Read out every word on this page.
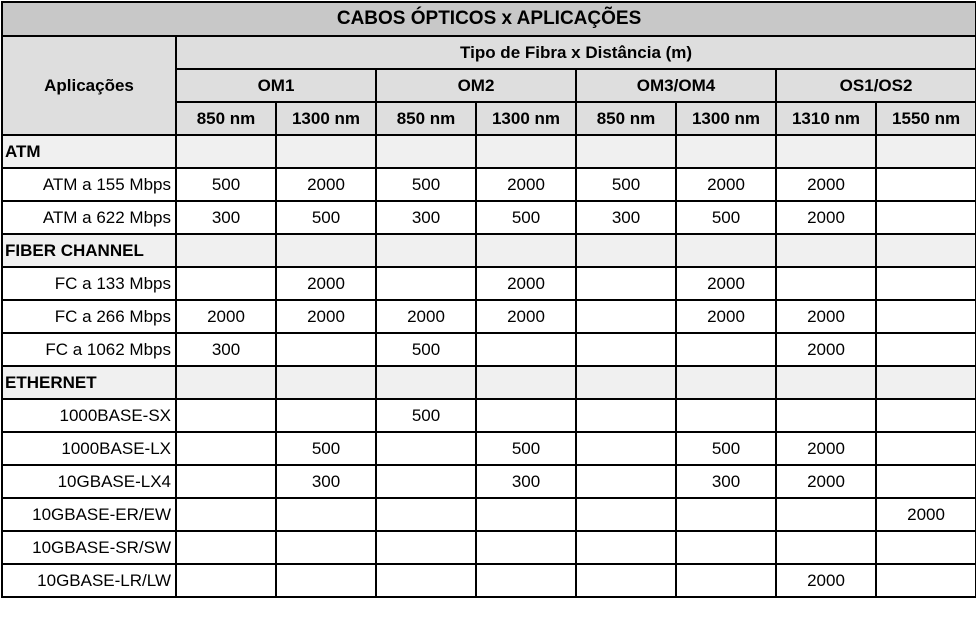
CABOS ÓPTICOS x APLICAÇÕES								
Aplicações	Tipo de Fibra x Distância (m)							
	OM1		OM2		OM3/OM4		OS1/OS2	
	850 nm	1300 nm	850 nm	1300 nm	850 nm	1300 nm	1310 nm	1550 nm
ATM								
ATM a 155 Mbps	500	2000	500	2000	500	2000	2000	
ATM a 622 Mbps	300	500	300	500	300	500	2000	
FIBER CHANNEL								
FC a 133 Mbps		2000		2000		2000		
FC a 266 Mbps	2000	2000	2000	2000		2000	2000	
FC a 1062 Mbps	300		500				2000	
ETHERNET								
1000BASE-SX			500					
1000BASE-LX		500		500		500	2000	
10GBASE-LX4		300		300		300	2000	
10GBASE-ER/EW								2000
10GBASE-SR/SW								
10GBASE-LR/LW							2000	
